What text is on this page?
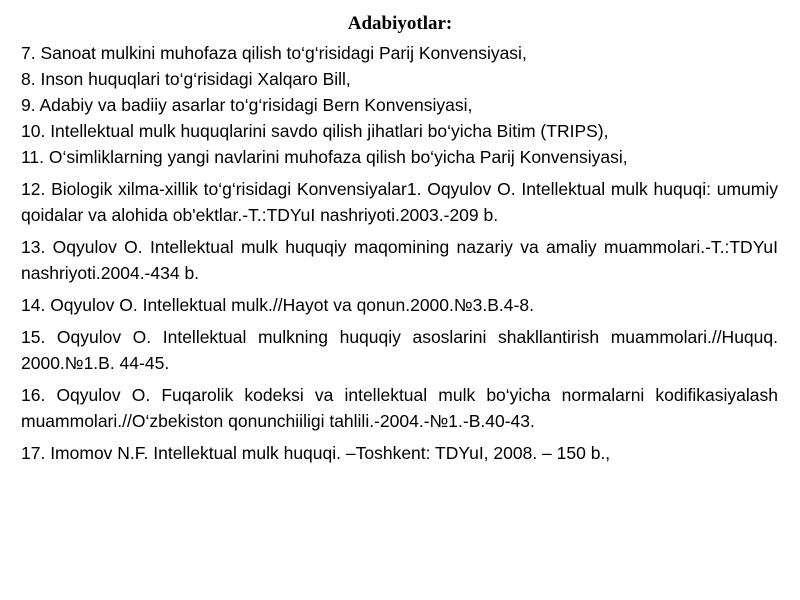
Adabiyotlar:
7. Sanoat mulkini muhofaza qilish to‘g‘risidagi Parij Konvensiyasi,
8. Inson huquqlari to‘g‘risidagi Xalqaro Bill,
9. Adabiy va badiiy asarlar to‘g‘risidagi Bern Konvensiyasi,
10. Intellektual mulk huquqlarini savdo qilish jihatlari bo‘yicha Bitim (TRIPS),
11. O‘simliklarning yangi navlarini muhofaza qilish bo‘yicha Parij Konvensiyasi,
12. Biologik xilma-xillik to‘g‘risidagi Konvensiyalar1. Oqyulov O. Intellektual mulk huquqi: umumiy qoidalar va alohida ob'ektlar.-T.:TDYuI nashriyoti.2003.-209 b.
13. Oqyulov O. Intellektual mulk huquqiy maqomining nazariy va amaliy muammolari.-T.:TDYuI nashriyoti.2004.-434 b.
14. Oqyulov O. Intellektual mulk.//Hayot va qonun.2000.№3.B.4-8.
15. Oqyulov O. Intellektual mulkning huquqiy asoslarini shakllantirish muammolari.//Huquq. 2000.№1.B. 44-45.
16. Oqyulov O. Fuqarolik kodeksi va intellektual mulk bo‘yicha normalarni kodifikasiyalash muammolari.//O‘zbekiston qonunchiiligi tahlili.-2004.-№1.-B.40-43.
17. Imomov N.F. Intellektual mulk huquqi. –Toshkent: TDYuI, 2008. – 150 b.,
